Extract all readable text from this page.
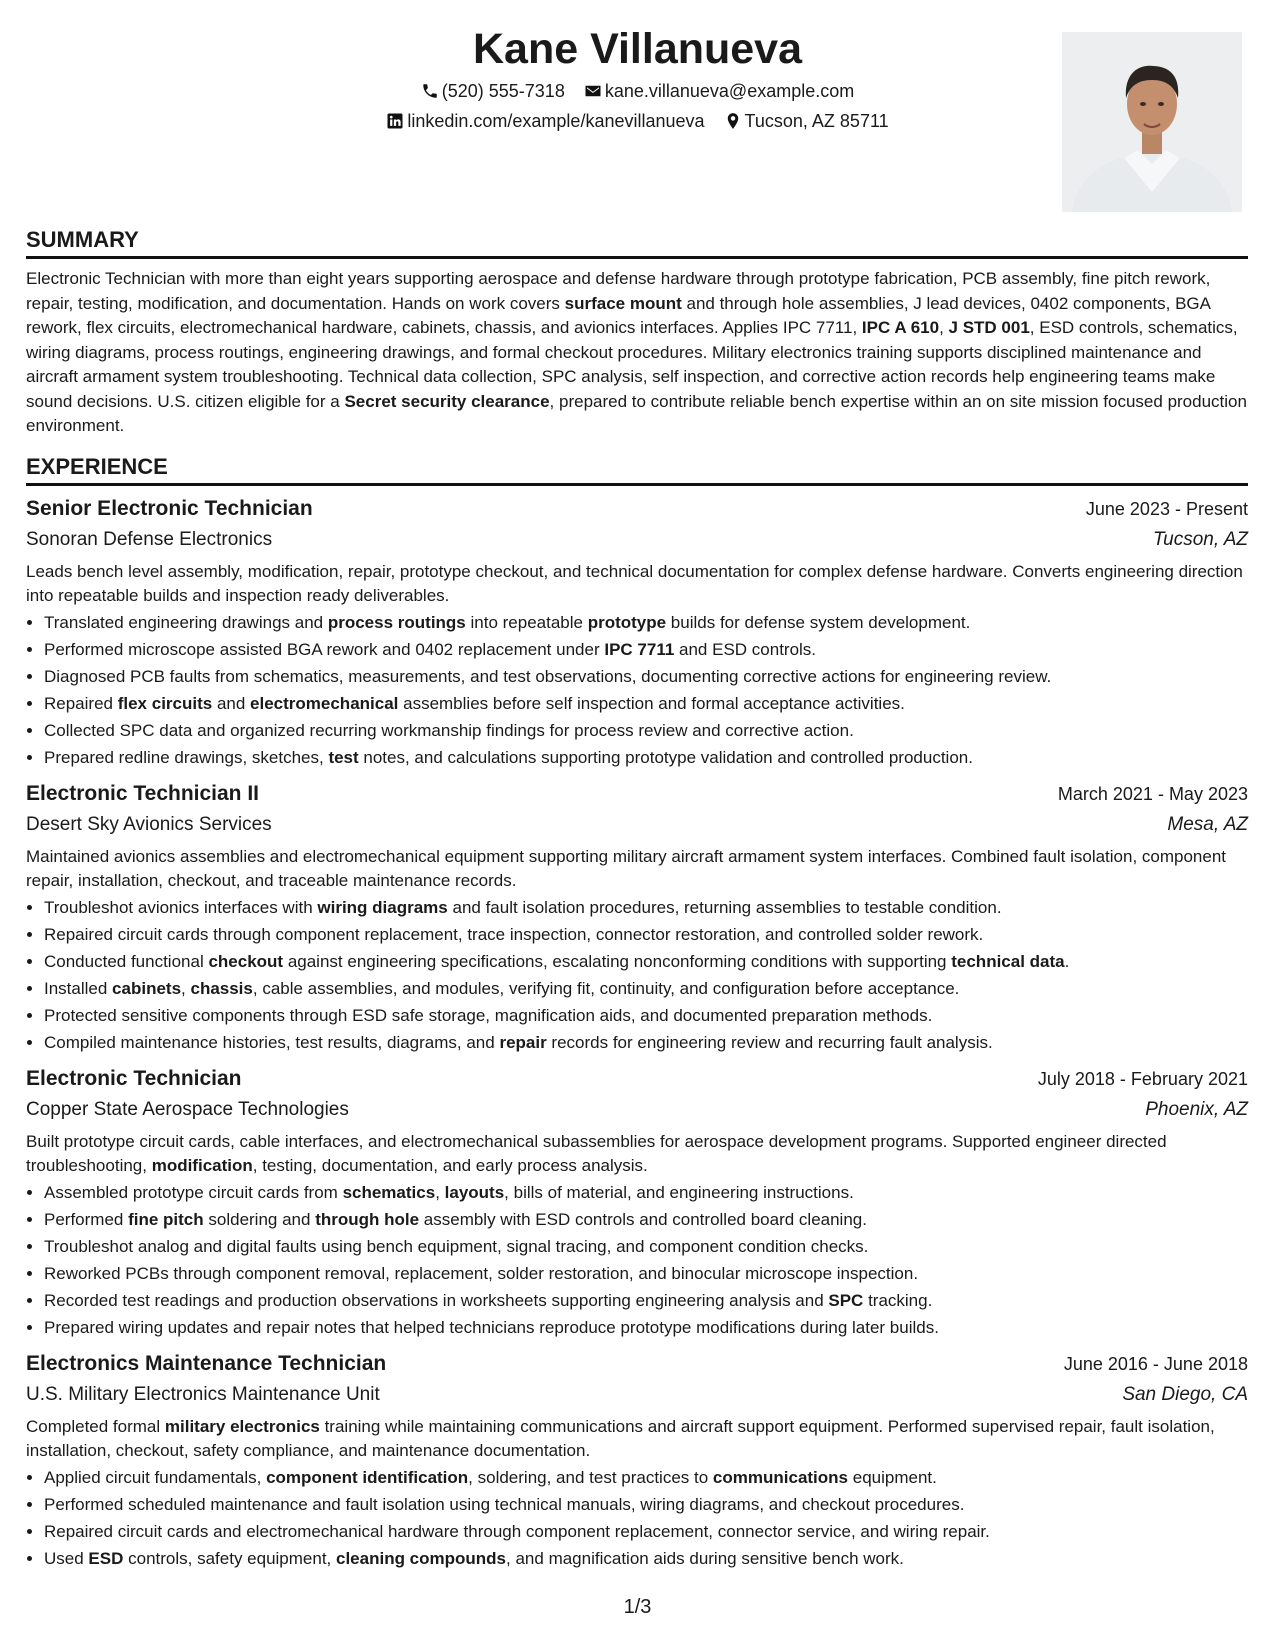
Kane Villanueva
(520) 555-7318 kane.villanueva@example.com
linkedin.com/example/kanevillanueva Tucson, AZ 85711
SUMMARY

Electronic Technician with more than eight years supporting aerospace and defense hardware through prototype fabrication, PCB assembly, fine pitch rework, repair, testing, modification, and documentation. Hands on work covers surface mount and through hole assemblies, J lead devices, 0402 components, BGA rework, flex circuits, electromechanical hardware, cabinets, chassis, and avionics interfaces. Applies IPC 7711, IPC A 610, J STD 001, ESD controls, schematics, wiring diagrams, process routings, engineering drawings, and formal checkout procedures. Military electronics training supports disciplined maintenance and aircraft armament system troubleshooting. Technical data collection, SPC analysis, self inspection, and corrective action records help engineering teams make sound decisions. U.S. citizen eligible for a Secret security clearance, prepared to contribute reliable bench expertise within an on site mission focused production environment.

EXPERIENCE
Senior Electronic Technician	June 2023 - Present
Sonoran Defense Electronics	Tucson, AZ

Leads bench level assembly, modification, repair, prototype checkout, and technical documentation for complex defense hardware. Converts engineering direction into repeatable builds and inspection ready deliverables.

• Translated engineering drawings and process routings into repeatable prototype builds for defense system development.
• Performed microscope assisted BGA rework and 0402 replacement under IPC 7711 and ESD controls.
• Diagnosed PCB faults from schematics, measurements, and test observations, documenting corrective actions for engineering review.
• Repaired flex circuits and electromechanical assemblies before self inspection and formal acceptance activities.
• Collected SPC data and organized recurring workmanship findings for process review and corrective action.
• Prepared redline drawings, sketches, test notes, and calculations supporting prototype validation and controlled production.
Electronic Technician II	March 2021 - May 2023
Desert Sky Avionics Services	Mesa, AZ

Maintained avionics assemblies and electromechanical equipment supporting military aircraft armament system interfaces. Combined fault isolation, component repair, installation, checkout, and traceable maintenance records.

• Troubleshot avionics interfaces with wiring diagrams and fault isolation procedures, returning assemblies to testable condition.
• Repaired circuit cards through component replacement, trace inspection, connector restoration, and controlled solder rework.
• Conducted functional checkout against engineering specifications, escalating nonconforming conditions with supporting technical data.
• Installed cabinets, chassis, cable assemblies, and modules, verifying fit, continuity, and configuration before acceptance.
• Protected sensitive components through ESD safe storage, magnification aids, and documented preparation methods.
• Compiled maintenance histories, test results, diagrams, and repair records for engineering review and recurring fault analysis.
Electronic Technician	July 2018 - February 2021
Copper State Aerospace Technologies	Phoenix, AZ

Built prototype circuit cards, cable interfaces, and electromechanical subassemblies for aerospace development programs. Supported engineer directed troubleshooting, modification, testing, documentation, and early process analysis.

• Assembled prototype circuit cards from schematics, layouts, bills of material, and engineering instructions.
• Performed fine pitch soldering and through hole assembly with ESD controls and controlled board cleaning.
• Troubleshot analog and digital faults using bench equipment, signal tracing, and component condition checks.
• Reworked PCBs through component removal, replacement, solder restoration, and binocular microscope inspection.
• Recorded test readings and production observations in worksheets supporting engineering analysis and SPC tracking.
• Prepared wiring updates and repair notes that helped technicians reproduce prototype modifications during later builds.
Electronics Maintenance Technician	June 2016 - June 2018
U.S. Military Electronics Maintenance Unit	San Diego, CA

Completed formal military electronics training while maintaining communications and aircraft support equipment. Performed supervised repair, fault isolation, installation, checkout, safety compliance, and maintenance documentation.

• Applied circuit fundamentals, component identification, soldering, and test practices to communications equipment.
• Performed scheduled maintenance and fault isolation using technical manuals, wiring diagrams, and checkout procedures.
• Repaired circuit cards and electromechanical hardware through component replacement, connector service, and wiring repair.
• Used ESD controls, safety equipment, cleaning compounds, and magnification aids during sensitive bench work.
1/3
